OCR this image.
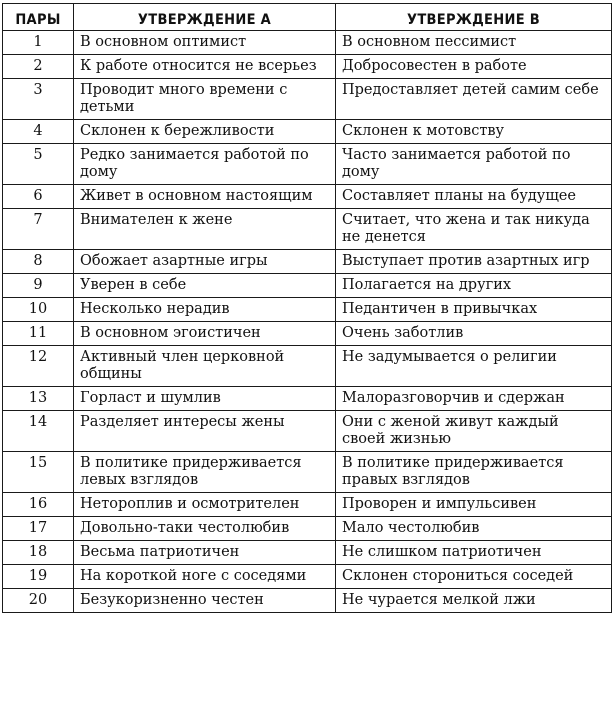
ПАРЫ	УТВЕРЖДЕНИЕ А	УТВЕРЖДЕНИЕ В
1	В основном оптимист	В основном пессимист
2	К работе относится не всерьез	Добросовестен в работе
3	Проводит много времени с детьми	Предоставляет детей самим себе
4	Склонен к бережливости	Склонен к мотовству
5	Редко занимается работой по дому	Часто занимается работой по дому
6	Живет в основном настоящим	Составляет планы на будущее
7	Внимателен к жене	Считает, что жена и так никуда не денется
8	Обожает азартные игры	Выступает против азартных игр
9	Уверен в себе	Полагается на других
10	Несколько нерадив	Педантичен в привычках
11	В основном эгоистичен	Очень заботлив
12	Активный член церковной общины	Не задумывается о религии
13	Горласт и шумлив	Малоразговорчив и сдержан
14	Разделяет интересы жены	Они с женой живут каждый своей жизнью
15	В политике придерживается левых взглядов	В политике придерживается правых взглядов
16	Нетороплив и осмотрителен	Проворен и импульсивен
17	Довольно-таки честолюбив	Мало честолюбив
18	Весьма патриотичен	Не слишком патриотичен
19	На короткой ноге с соседями	Склонен сторониться соседей
20	Безукоризненно честен	Не чурается мелкой лжи
